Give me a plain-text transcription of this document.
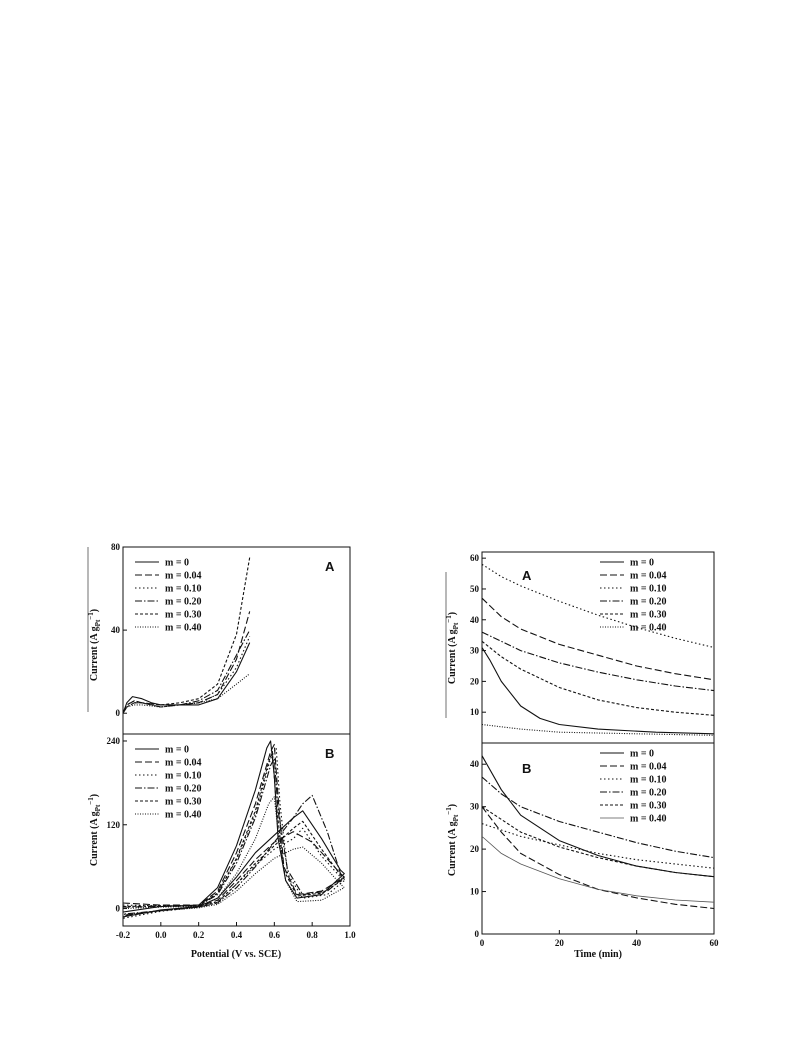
A
m = 0
m = 0.04
m = 0.10
m = 0.20
m = 0.30
m = 0.40
0
40
80
Current (A $g_{Pt}^{-1}$)
B
m = 0
m = 0.04
m = 0.10
m = 0.20
m = 0.30
m = 0.40
0
120
240
-0.2	0.0	0.2	0.4	0.6	0.8	1.0
Current (A $g_{Pt}^{-1}$)
Potential (V vs. SCE)
A
m = 0
m = 0.04
m = 0.10
m = 0.20
m = 0.30
m = 0.40
10
20
30
40
50
60
Current (A $g_{Pt}^{-1}$)
B
m = 0
m = 0.04
m = 0.10
m = 0.20
m = 0.30
m = 0.40
0
10
20
30
40
0	20	40	60
Current (A $g_{Pt}^{-1}$)
Time (min)
